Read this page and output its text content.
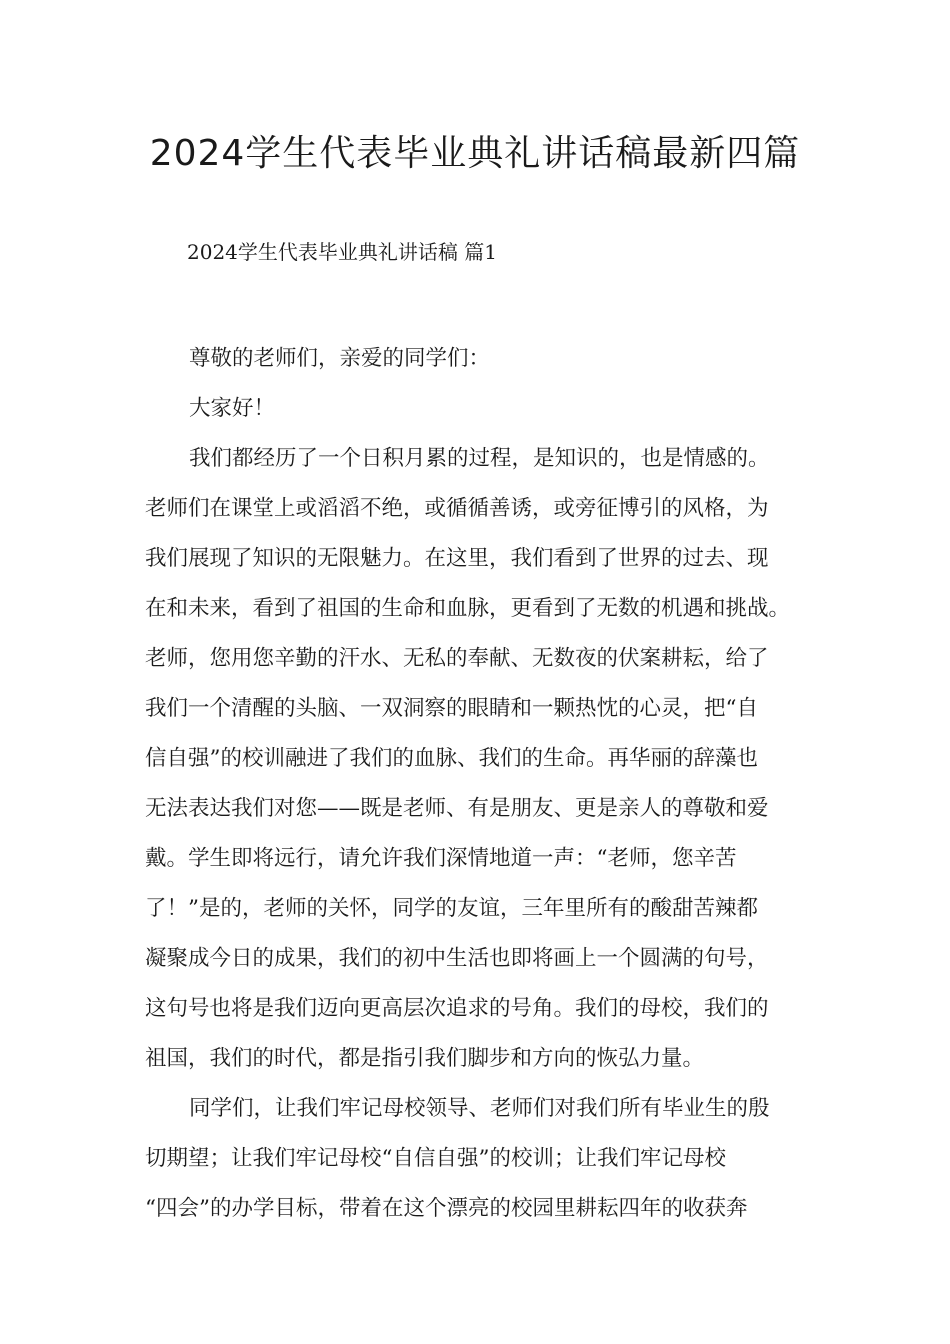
2024学生代表毕业典礼讲话稿最新四篇

2024学生代表毕业典礼讲话稿 篇1

尊敬的老师们，亲爱的同学们：

大家好！

我们都经历了一个日积月累的过程，是知识的，也是情感的。

老师们在课堂上或滔滔不绝，或循循善诱，或旁征博引的风格，为

我们展现了知识的无限魅力。在这里，我们看到了世界的过去、现

在和未来，看到了祖国的生命和血脉，更看到了无数的机遇和挑战。

老师，您用您辛勤的汗水、无私的奉献、无数夜的伏案耕耘，给了

我们一个清醒的头脑、一双洞察的眼睛和一颗热忱的心灵，把“自

信自强”的校训融进了我们的血脉、我们的生命。再华丽的辞藻也

无法表达我们对您——既是老师、有是朋友、更是亲人的尊敬和爱

戴。学生即将远行，请允许我们深情地道一声：“老师，您辛苦

了！”是的，老师的关怀，同学的友谊，三年里所有的酸甜苦辣都

凝聚成今日的成果，我们的初中生活也即将画上一个圆满的句号，

这句号也将是我们迈向更高层次追求的号角。我们的母校，我们的

祖国，我们的时代，都是指引我们脚步和方向的恢弘力量。

同学们，让我们牢记母校领导、老师们对我们所有毕业生的殷

切期望；让我们牢记母校“自信自强”的校训；让我们牢记母校

“四会”的办学目标，带着在这个漂亮的校园里耕耘四年的收获奔
